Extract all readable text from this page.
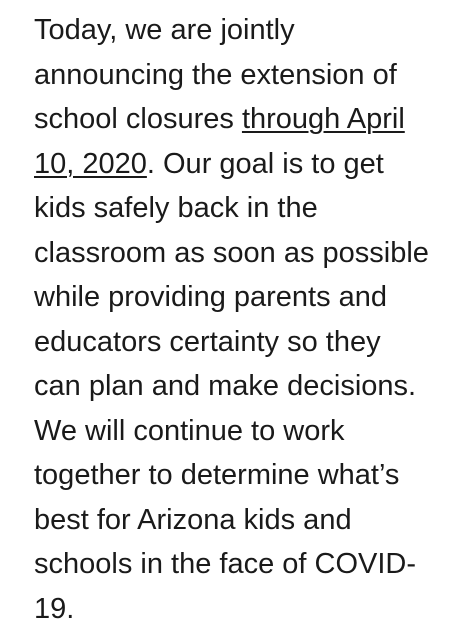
Today, we are jointly
announcing the extension of
school closures through April
10, 2020. Our goal is to get
kids safely back in the
classroom as soon as possible
while providing parents and
educators certainty so they
can plan and make decisions.
We will continue to work
together to determine what’s
best for Arizona kids and
schools in the face of COVID-
19.
